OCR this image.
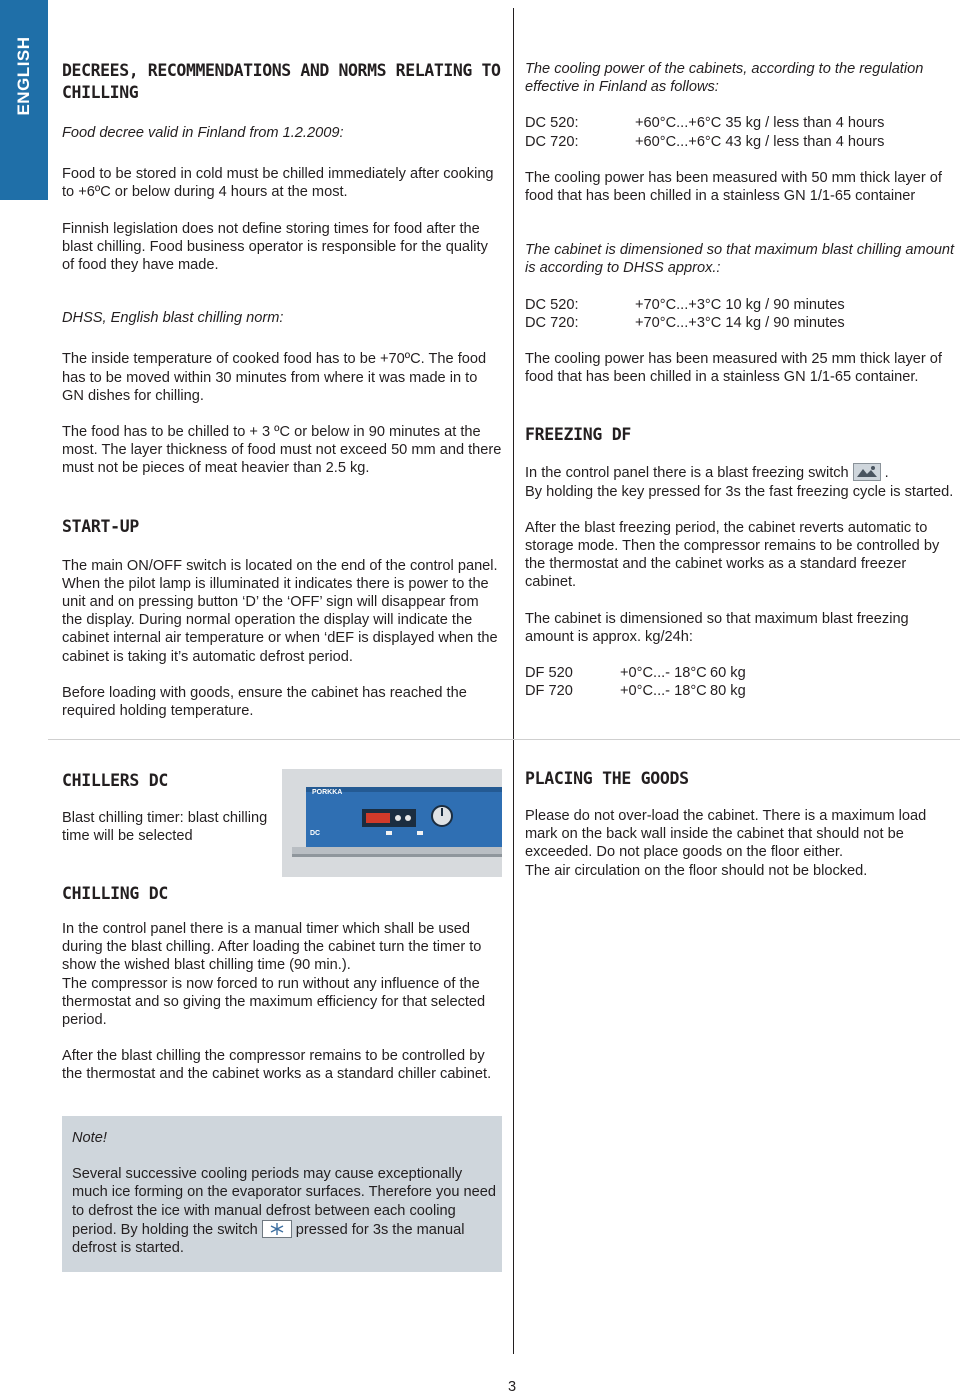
ENGLISH DECREES, RECOMMENDATIONS AND NORMS RELATING TO CHILLING

Food decree valid in Finland from 1.2.2009:

Food to be stored in cold must be chilled immediately after cooking to +6ºC or below during 4 hours at the most.

Finnish legislation does not define storing times for food after the blast chilling. Food business operator is responsible for the quality of food they have made.

DHSS, English blast chilling norm:

The inside temperature of cooked food has to be +70ºC. The food has to be moved within 30 minutes from where it was made in to GN dishes for chilling.

The food has to be chilled to + 3 ºC or below in 90 minutes at the most. The layer thickness of food must not exceed 50 mm and there must not be pieces of meat heavier than 2.5 kg.

START-UP

The main ON/OFF switch is located on the end of the control panel. When the pilot lamp is illuminated it indicates there is power to the unit and on pressing button ‘D’ the ‘OFF’ sign will disappear from the display. During normal operation the display will indicate the cabinet internal air temperature or when ‘dEF is displayed when the cabinet is taking it’s automatic defrost period.

Before loading with goods, ensure the cabinet has reached the required holding temperature.

The cooling power of the cabinets, according to the regulation effective in Finland as follows:

DC 520:	+60°C...+6°C 35 kg / less than 4 hours
DC 720:	+60°C...+6°C 43 kg / less than 4 hours

The cooling power has been measured with 50 mm thick layer of food that has been chilled in a stainless GN 1/1-65 container

The cabinet is dimensioned so that maximum blast chilling amount is according to DHSS approx.:

DC 520:	+70°C...+3°C 10 kg / 90 minutes
DC 720:	+70°C...+3°C 14 kg / 90 minutes

The cooling power has been measured with 25 mm thick layer of food that has been chilled in a stainless GN 1/1-65 container.

FREEZING DF

In the control panel there is a blast freezing switch .
By holding the key pressed for 3s the fast freezing cycle is started.

After the blast freezing period, the cabinet reverts automatic to storage mode. Then the compressor remains to be controlled by the thermostat and the cabinet works as a standard freezer cabinet.

The cabinet is dimensioned so that maximum blast freezing amount is approx. kg/24h:

DF 520	+0°C...- 18°C 60 kg
DF 720	+0°C...- 18°C 80 kg
CHILLERS DC

Blast chilling timer: blast chilling time will be selected

PORKKA
DC
CHILLING DC

In the control panel there is a manual timer which shall be used during the blast chilling. After loading the cabinet turn the timer to show the wished blast chilling time (90 min.).

The compressor is now forced to run without any influence of the thermostat and so giving the maximum efficiency for that selected period.

After the blast chilling the compressor remains to be controlled by the thermostat and the cabinet works as a standard chiller cabinet.

Note!

Several successive cooling periods may cause exceptionally much ice forming on the evaporator surfaces. Therefore you need to defrost the ice with manual defrost between each cooling period. By holding the switch	pressed for 3s the manual defrost is started.

PLACING THE GOODS

Please do not over-load the cabinet. There is a maximum load mark on the back wall inside the cabinet that should not be exceeded. Do not place goods on the floor either.

The air circulation on the floor should not be blocked.

3
